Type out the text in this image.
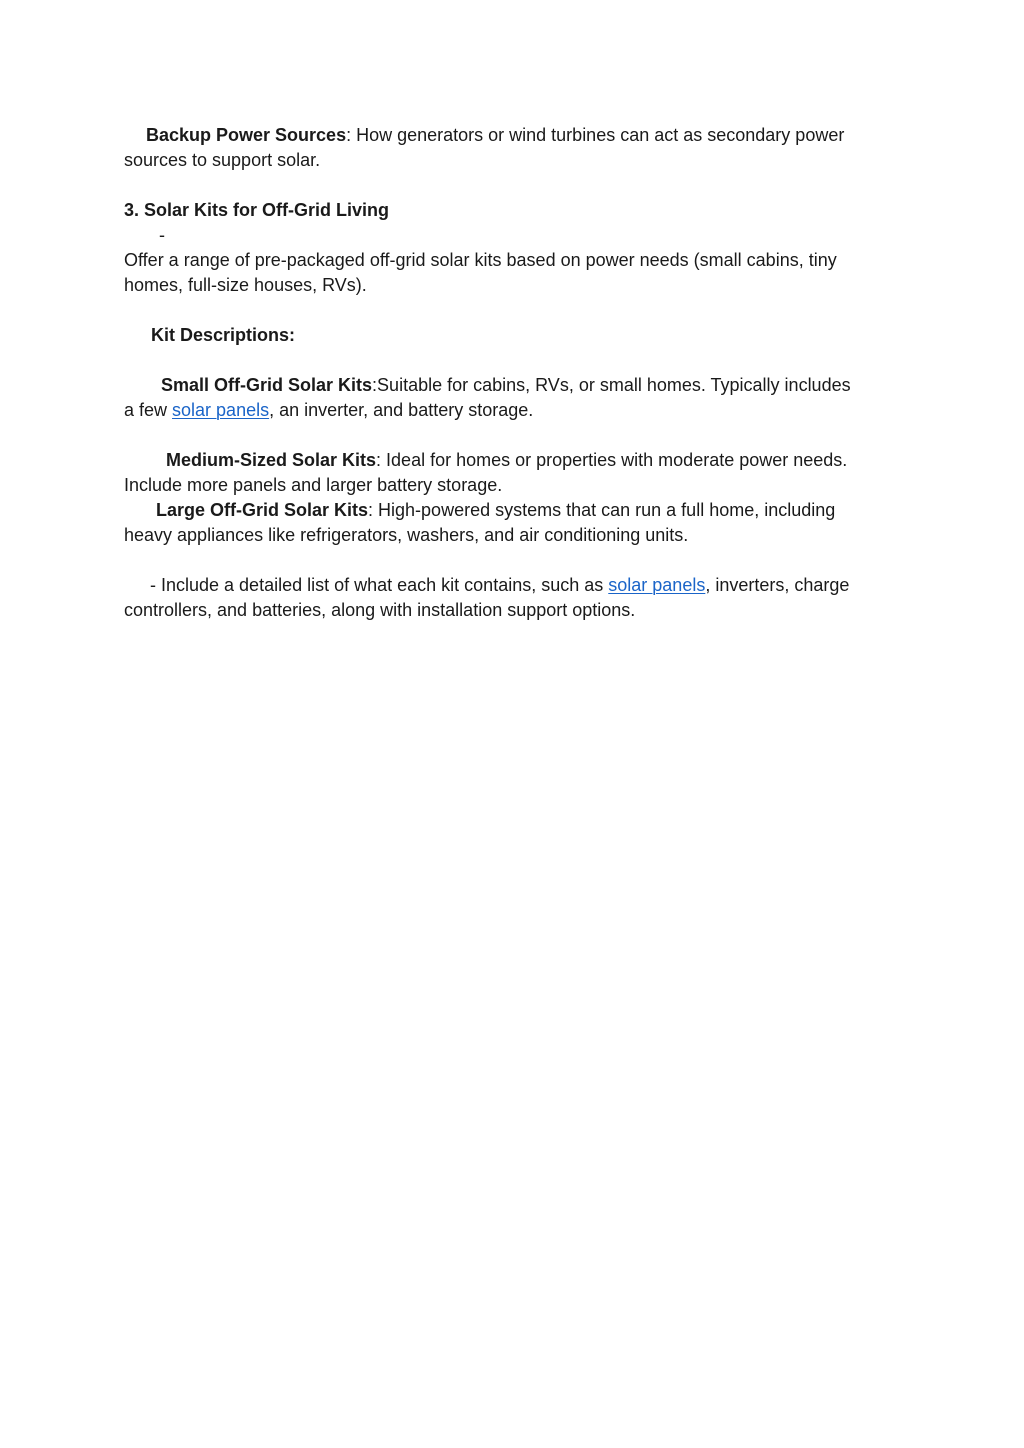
Backup Power Sources: How generators or wind turbines can act as secondary power
sources to support solar.
3. Solar Kits for Off-Grid Living
-
Offer a range of pre-packaged off-grid solar kits based on power needs (small cabins, tiny
homes, full-size houses, RVs).
Kit Descriptions:
Small Off-Grid Solar Kits:Suitable for cabins, RVs, or small homes. Typically includes
a few solar panels, an inverter, and battery storage.
Medium-Sized Solar Kits: Ideal for homes or properties with moderate power needs.
Include more panels and larger battery storage.
Large Off-Grid Solar Kits: High-powered systems that can run a full home, including
heavy appliances like refrigerators, washers, and air conditioning units.
- Include a detailed list of what each kit contains, such as solar panels, inverters, charge
controllers, and batteries, along with installation support options.
